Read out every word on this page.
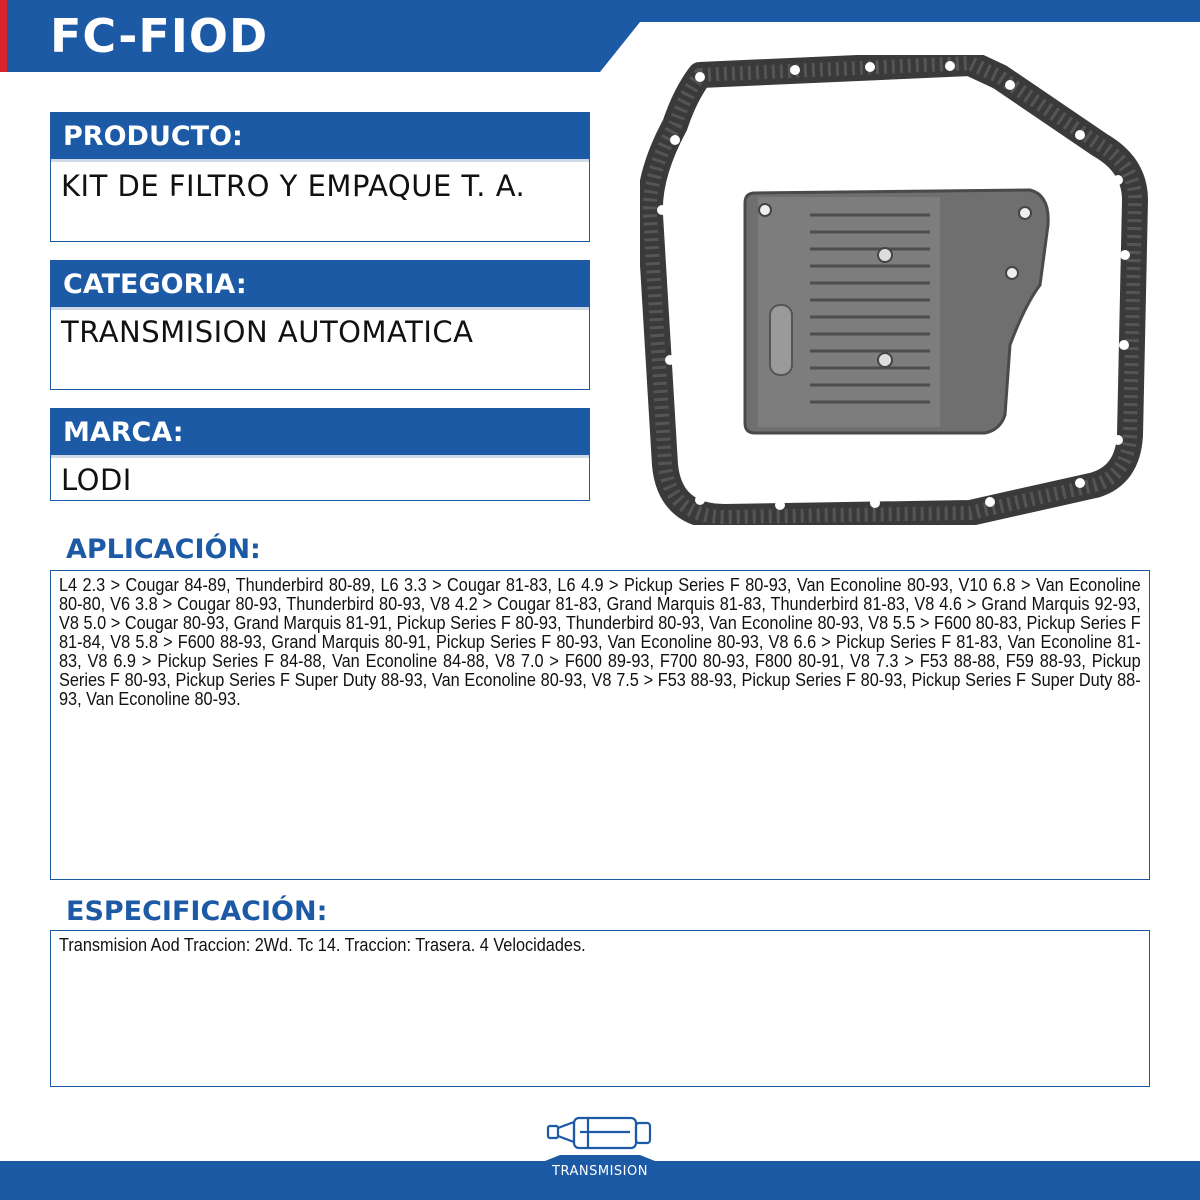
FC-FIOD
PRODUCTO:
KIT DE FILTRO Y EMPAQUE T. A.
CATEGORIA:
TRANSMISION AUTOMATICA
MARCA:
LODI
APLICACIÓN:
L4 2.3 > Cougar 84-89, Thunderbird 80-89, L6 3.3 > Cougar 81-83, L6 4.9 > Pickup Series F 80-93, Van Econoline 80-93, V10 6.8 > Van Econoline 80-80, V6 3.8 > Cougar 80-93, Thunderbird 80-93, V8 4.2 > Cougar 81-83, Grand Marquis 81-83, Thunderbird 81-83, V8 4.6 > Grand Marquis 92-93, V8 5.0 > Cougar 80-93, Grand Marquis 81-91, Pickup Series F 80-93, Thunderbird 80-93, Van Econoline 80-93, V8 5.5 > F600 80-83, Pickup Series F 81-84, V8 5.8 > F600 88-93, Grand Marquis 80-91, Pickup Series F 80-93, Van Econoline 80-93, V8 6.6 > Pickup Series F 81-83, Van Econoline 81-83, V8 6.9 > Pickup Series F 84-88, Van Econoline 84-88, V8 7.0 > F600 89-93, F700 80-93, F800 80-91, V8 7.3 > F53 88-88, F59 88-93, Pickup Series F 80-93, Pickup Series F Super Duty 88-93, Van Econoline 80-93, V8 7.5 > F53 88-93, Pickup Series F 80-93, Pickup Series F Super Duty 88-93, Van Econoline 80-93.
ESPECIFICACIÓN:
Transmision Aod Traccion: 2Wd. Tc 14. Traccion: Trasera. 4 Velocidades.
TRANSMISION
